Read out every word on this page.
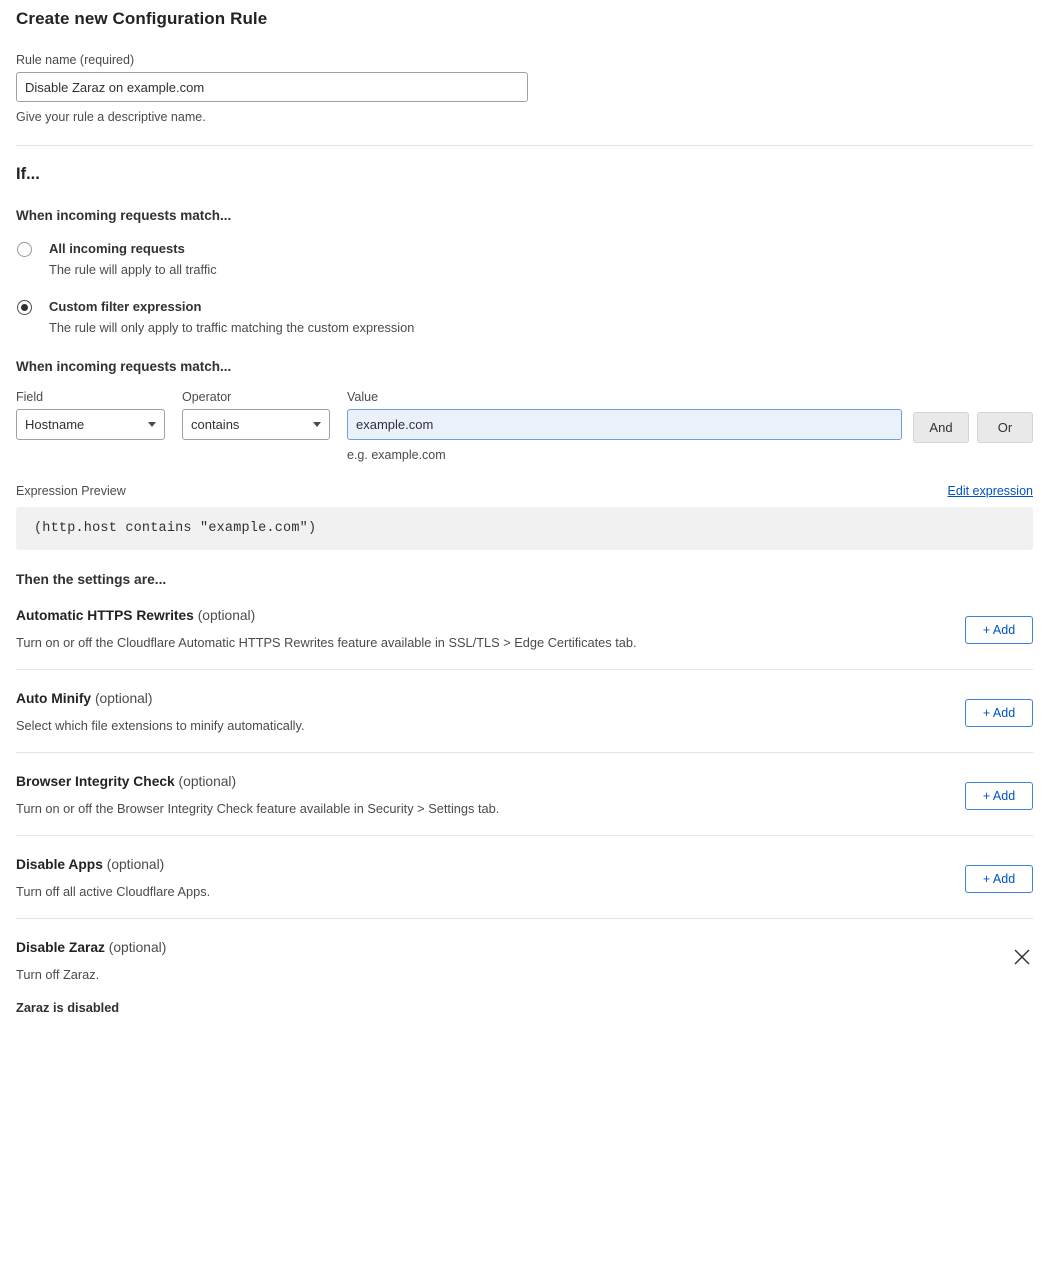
Create new Configuration Rule
Rule name (required)
Disable Zaraz on example.com
Give your rule a descriptive name.
If...
When incoming requests match...
All incoming requests
The rule will apply to all traffic
Custom filter expression
The rule will only apply to traffic matching the custom expression
When incoming requests match...
Field
Hostname
Operator
contains
Value
example.com
e.g. example.com
And	Or
Expression Preview	Edit expression
(http.host contains "example.com")
Then the settings are...
Automatic HTTPS Rewrites (optional)
Turn on or off the Cloudflare Automatic HTTPS Rewrites feature available in SSL/TLS > Edge Certificates tab.
+ Add
Auto Minify (optional)
Select which file extensions to minify automatically.
+ Add
Browser Integrity Check (optional)
Turn on or off the Browser Integrity Check feature available in Security > Settings tab.
+ Add
Disable Apps (optional)
Turn off all active Cloudflare Apps.
+ Add
Disable Zaraz (optional)
Turn off Zaraz.
Zaraz is disabled
